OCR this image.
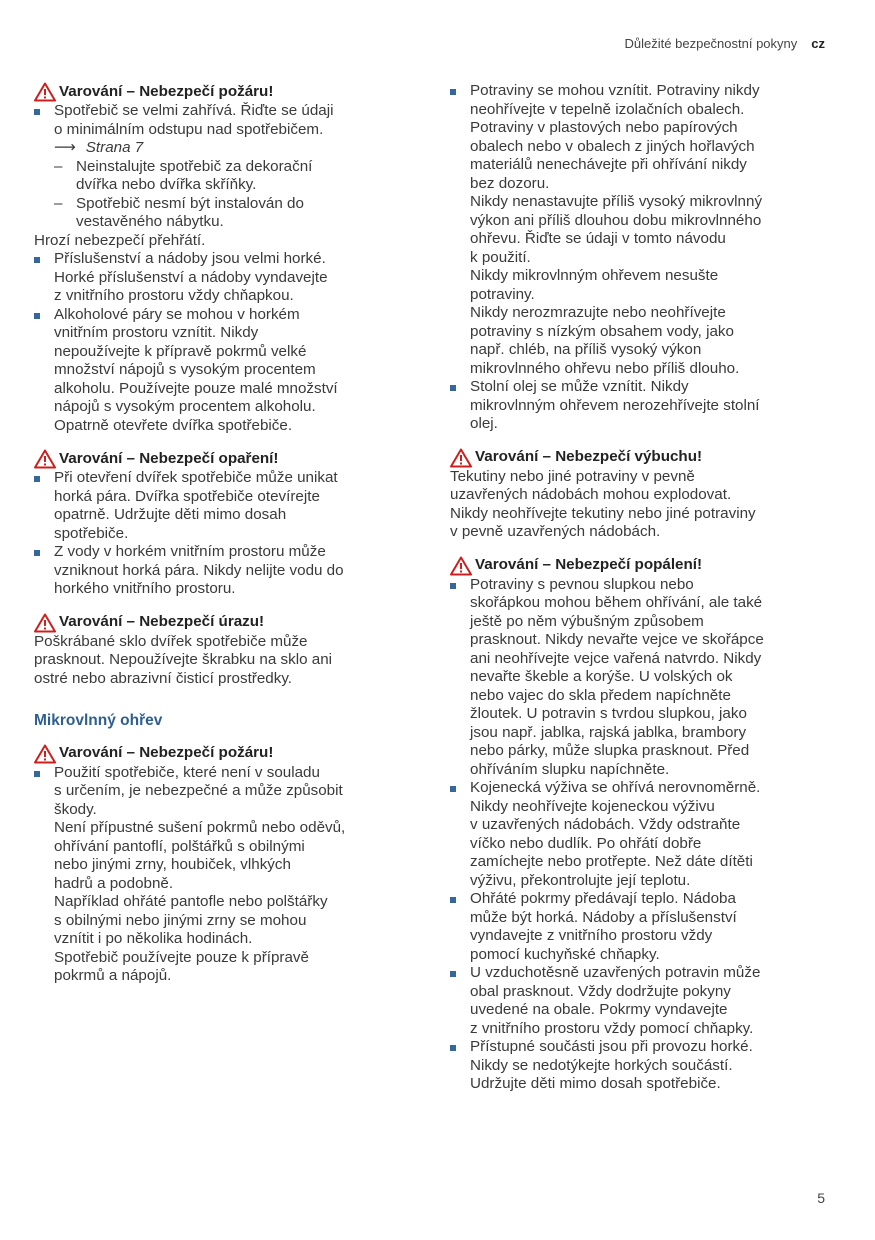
Důležité bezpečnostní pokyny cz
Varování – Nebezpečí požáru!
Spotřebič se velmi zahřívá. Řiďte se údaji
o minimálním odstupu nad spotřebičem.
⟶ Strana 7
– Neinstalujte spotřebič za dekorační
dvířka nebo dvířka skříňky.
– Spotřebič nesmí být instalován do
vestavěného nábytku.
Hrozí nebezpečí přehřátí.
Příslušenství a nádoby jsou velmi horké.
Horké příslušenství a nádoby vyndavejte
z vnitřního prostoru vždy chňapkou.
Alkoholové páry se mohou v horkém
vnitřním prostoru vznítit. Nikdy
nepoužívejte k přípravě pokrmů velké
množství nápojů s vysokým procentem
alkoholu. Používejte pouze malé množství
nápojů s vysokým procentem alkoholu.
Opatrně otevřete dvířka spotřebiče.
Varování – Nebezpečí opaření!
Při otevření dvířek spotřebiče může unikat
horká pára. Dvířka spotřebiče otevírejte
opatrně. Udržujte děti mimo dosah
spotřebiče.
Z vody v horkém vnitřním prostoru může
vzniknout horká pára. Nikdy nelijte vodu do
horkého vnitřního prostoru.
Varování – Nebezpečí úrazu!
Poškrábané sklo dvířek spotřebiče může
prasknout. Nepoužívejte škrabku na sklo ani
ostré nebo abrazivní čisticí prostředky.
Mikrovlnný ohřev
Varování – Nebezpečí požáru!
Použití spotřebiče, které není v souladu
s určením, je nebezpečné a může způsobit
škody.
Není přípustné sušení pokrmů nebo oděvů,
ohřívání pantoflí, polštářků s obilnými
nebo jinými zrny, houbiček, vlhkých
hadrů a podobně.
Například ohřáté pantofle nebo polštářky
s obilnými nebo jinými zrny se mohou
vznítit i po několika hodinách.
Spotřebič používejte pouze k přípravě
pokrmů a nápojů.
Potraviny se mohou vznítit. Potraviny nikdy
neohřívejte v tepelně izolačních obalech.
Potraviny v plastových nebo papírových
obalech nebo v obalech z jiných hořlavých
materiálů nenechávejte při ohřívání nikdy
bez dozoru.
Nikdy nenastavujte příliš vysoký mikrovlnný
výkon ani příliš dlouhou dobu mikrovlnného
ohřevu. Řiďte se údaji v tomto návodu
k použití.
Nikdy mikrovlnným ohřevem nesušte
potraviny.
Nikdy nerozmrazujte nebo neohřívejte
potraviny s nízkým obsahem vody, jako
např. chléb, na příliš vysoký výkon
mikrovlnného ohřevu nebo příliš dlouho.
Stolní olej se může vznítit. Nikdy
mikrovlnným ohřevem nerozehřívejte stolní
olej.
Varování – Nebezpečí výbuchu!
Tekutiny nebo jiné potraviny v pevně
uzavřených nádobách mohou explodovat.
Nikdy neohřívejte tekutiny nebo jiné potraviny
v pevně uzavřených nádobách.
Varování – Nebezpečí popálení!
Potraviny s pevnou slupkou nebo
skořápkou mohou během ohřívání, ale také
ještě po něm výbušným způsobem
prasknout. Nikdy nevařte vejce ve skořápce
ani neohřívejte vejce vařená natvrdo. Nikdy
nevařte škeble a korýše. U volských ok
nebo vajec do skla předem napíchněte
žloutek. U potravin s tvrdou slupkou, jako
jsou např. jablka, rajská jablka, brambory
nebo párky, může slupka prasknout. Před
ohříváním slupku napíchněte.
Kojenecká výživa se ohřívá nerovnoměrně.
Nikdy neohřívejte kojeneckou výživu
v uzavřených nádobách. Vždy odstraňte
víčko nebo dudlík. Po ohřátí dobře
zamíchejte nebo protřepte. Než dáte dítěti
výživu, překontrolujte její teplotu.
Ohřáté pokrmy předávají teplo. Nádoba
může být horká. Nádoby a příslušenství
vyndavejte z vnitřního prostoru vždy
pomocí kuchyňské chňapky.
U vzduchotěsně uzavřených potravin může
obal prasknout. Vždy dodržujte pokyny
uvedené na obale. Pokrmy vyndavejte
z vnitřního prostoru vždy pomocí chňapky.
Přístupné součásti jsou při provozu horké.
Nikdy se nedotýkejte horkých součástí.
Udržujte děti mimo dosah spotřebiče.
5
